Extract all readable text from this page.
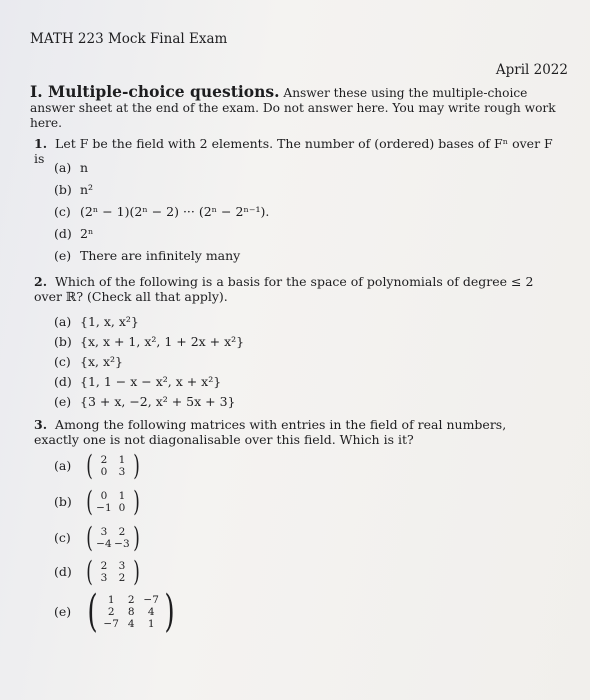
MATH 223 Mock Final Exam
April 2022
I. Multiple-choice questions. Answer these using the multiple-choice answer sheet at the end of the exam. Do not answer here. You may write rough work here.
1. Let F be the field with 2 elements. The number of (ordered) bases of Fⁿ over F is
(a) n
(b) n²
(c) (2ⁿ − 1)(2ⁿ − 2) ··· (2ⁿ − 2ⁿ⁻¹).
(d) 2ⁿ
(e) There are infinitely many
2. Which of the following is a basis for the space of polynomials of degree ≤ 2 over ℝ? (Check all that apply).
(a) {1, x, x²}
(b) {x, x + 1, x², 1 + 2x + x²}
(c) {x, x²}
(d) {1, 1 − x − x², x + x²}
(e) {3 + x, −2, x² + 5x + 3}
3. Among the following matrices with entries in the field of real numbers, exactly one is not diagonalisable over this field. Which is it?
(a) ( 2	1
0	3 )
(b) ( 0	1
−1 0 )
(c) ( 3	2
−4 −3 )
(d) ( 2	3
3	2 )
(e) ( 1	2 −7
2	8	4
−7 4	1 )
